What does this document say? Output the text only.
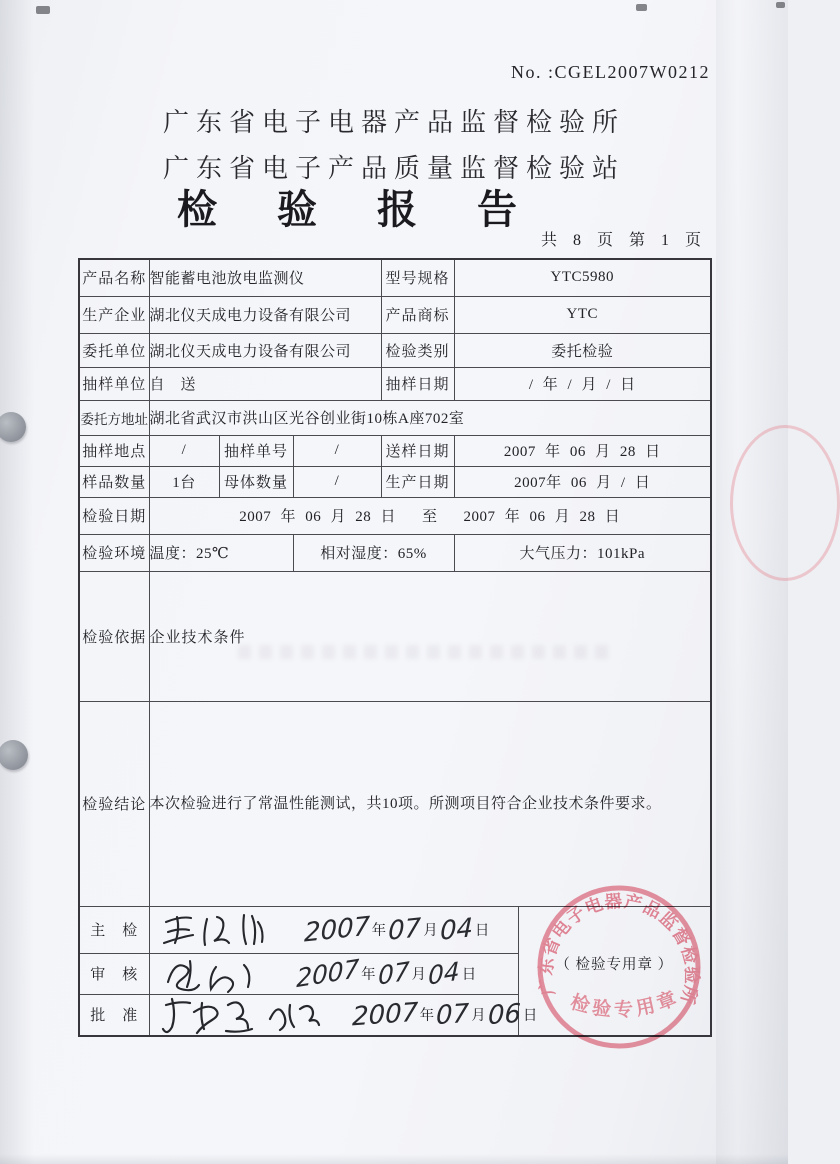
No. :CGEL2007W0212
广东省电子电器产品监督检验所
广东省电子产品质量监督检验站
检验报告
共 8 页 第 1 页
产品名称	智能蓄电池放电监测仪			型号规格	YTC5980	
生产企业	湖北仪天成电力设备有限公司			产品商标	YTC	
委托单位	湖北仪天成电力设备有限公司			检验类别	委托检验	
抽样单位	自　送			抽样日期	/ 年 / 月 / 日	
委托方地址	湖北省武汉市洪山区光谷创业街10栋A座702室					
抽样地点	/	抽样单号	/	送样日期	2007 年 06 月 28 日	
样品数量	1台	母体数量	/	生产日期	2007年 06 月 / 日	
检验日期	2007 年 06 月 28 日 至 2007 年 06 月 28 日					
检验环境	温度：25℃		相对湿度：65%		大气压力：101kPa	
检验依据	企业技术条件					
检验结论	本次检验进行了常温性能测试，共10项。所测项目符合企业技术条件要求。					
主　检	2007 年 07 月 04 日

（ 检验专用章 ）

审　核	2007 年 07 月 04 日

批　准	2007 年 07 月 06 日
广东省电子电器产品监督检验所
检验专用章
